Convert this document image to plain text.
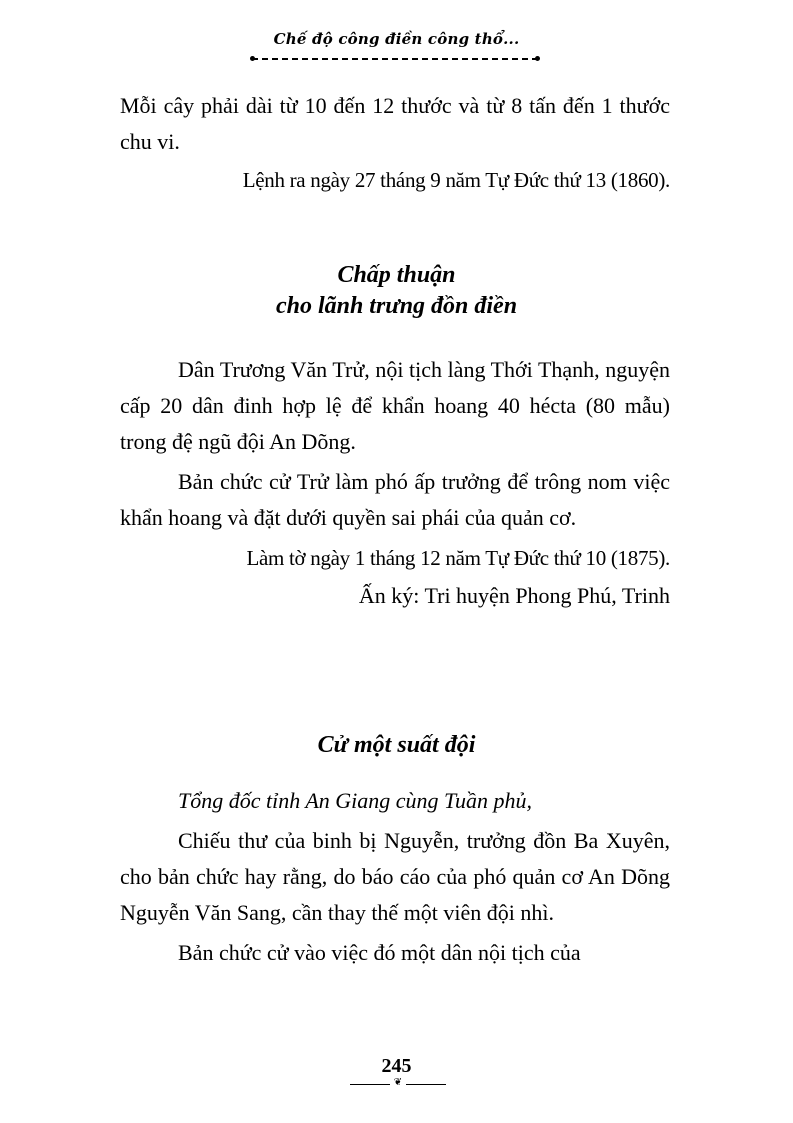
Chế độ công điền công thổ...

Mỗi cây phải dài từ 10 đến 12 thước và từ 8 tấn đến 1 thước chu vi.

Lệnh ra ngày 27 tháng 9 năm Tự Đức thứ 13 (1860).

Chấp thuận
cho lãnh trưng đồn điền

Dân Trương Văn Trử, nội tịch làng Thới Thạnh, nguyện cấp 20 dân đinh hợp lệ để khẩn hoang 40 hécta (80 mẫu) trong đệ ngũ đội An Dõng.

Bản chức cử Trử làm phó ấp trưởng để trông nom việc khẩn hoang và đặt dưới quyền sai phái của quản cơ.

Làm tờ ngày 1 tháng 12 năm Tự Đức thứ 10 (1875).

Ấn ký: Tri huyện Phong Phú, Trinh

Cử một suất đội

Tổng đốc tỉnh An Giang cùng Tuần phủ,

Chiếu thư của binh bị Nguyễn, trưởng đồn Ba Xuyên, cho bản chức hay rằng, do báo cáo của phó quản cơ An Dõng Nguyễn Văn Sang, cần thay thế một viên đội nhì.

Bản chức cử vào việc đó một dân nội tịch của

245
❦
